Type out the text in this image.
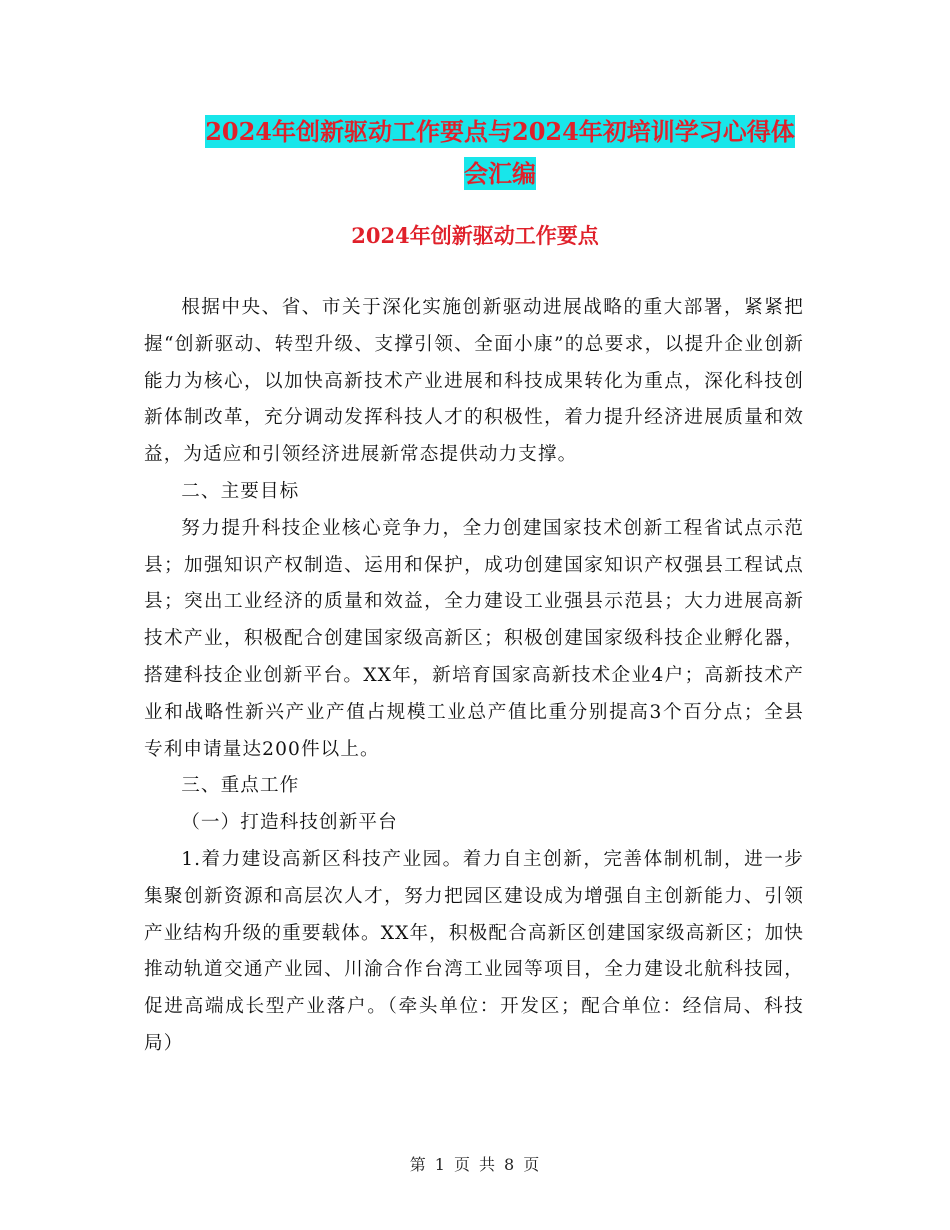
2024年创新驱动工作要点与2024年初培训学习心得体
会汇编
2024年创新驱动工作要点

根据中央、省、市关于深化实施创新驱动进展战略的重大部署，紧紧把握“创新驱动、转型升级、支撑引领、全面小康”的总要求，以提升企业创新能力为核心，以加快高新技术产业进展和科技成果转化为重点，深化科技创新体制改革，充分调动发挥科技人才的积极性，着力提升经济进展质量和效益，为适应和引领经济进展新常态提供动力支撑。

二、主要目标

努力提升科技企业核心竞争力，全力创建国家技术创新工程省试点示范县；加强知识产权制造、运用和保护，成功创建国家知识产权强县工程试点县；突出工业经济的质量和效益，全力建设工业强县示范县；大力进展高新技术产业，积极配合创建国家级高新区；积极创建国家级科技企业孵化器，搭建科技企业创新平台。XX年，新培育国家高新技术企业4户；高新技术产业和战略性新兴产业产值占规模工业总产值比重分别提高3个百分点；全县专利申请量达200件以上。

三、重点工作

（一）打造科技创新平台

1.着力建设高新区科技产业园。着力自主创新，完善体制机制，进一步集聚创新资源和高层次人才，努力把园区建设成为增强自主创新能力、引领产业结构升级的重要载体。XX年，积极配合高新区创建国家级高新区；加快推动轨道交通产业园、川渝合作台湾工业园等项目，全力建设北航科技园，促进高端成长型产业落户。（牵头单位：开发区；配合单位：经信局、科技局）

第 1 页 共 8 页
